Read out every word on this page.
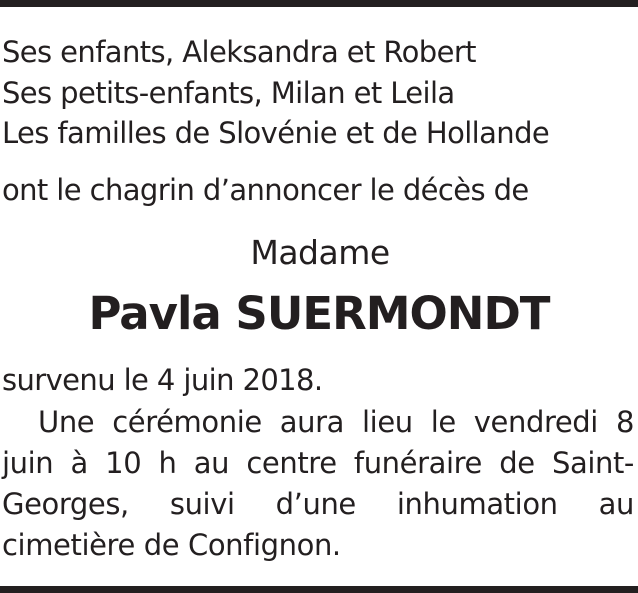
Ses enfants, Aleksandra et Robert
Ses petits-enfants, Milan et Leila
Les familles de Slovénie et de Hollande
ont le chagrin d’annoncer le décès de
Madame
Pavla SUERMONDT
survenu le 4 juin 2018.
Une cérémonie aura lieu le vendredi 8 juin à 10 h au centre funéraire de Saint-Georges, suivi d’une inhumation au cimetière de Confignon.
